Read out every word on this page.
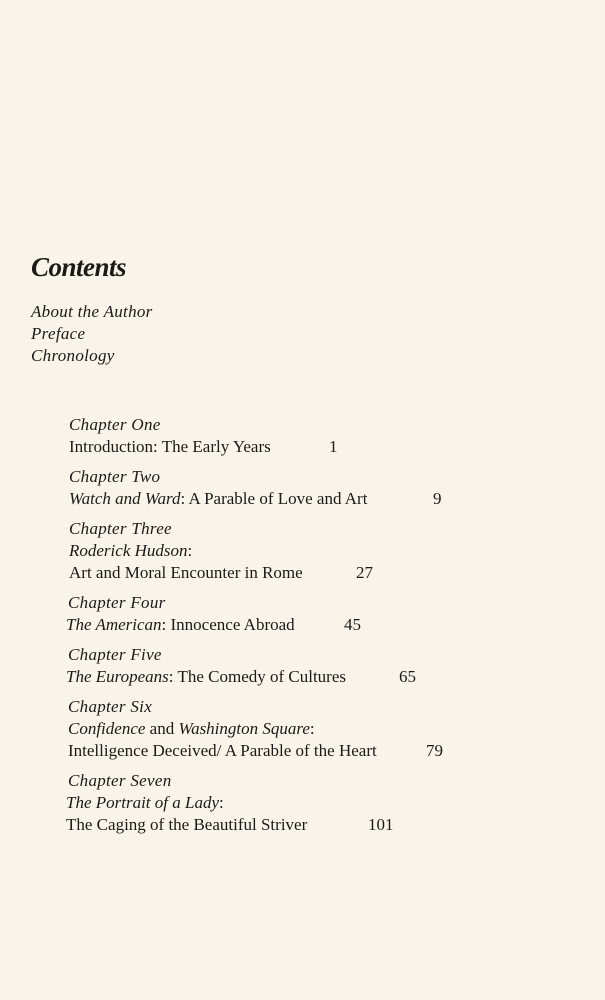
Contents
About the Author
Preface
Chronology
Chapter One
Introduction: The Early Years	1
Chapter Two
Watch and Ward: A Parable of Love and Art	9
Chapter Three
Roderick Hudson:
Art and Moral Encounter in Rome	27
Chapter Four
The American: Innocence Abroad	45
Chapter Five
The Europeans: The Comedy of Cultures	65
Chapter Six
Confidence and Washington Square:
Intelligence Deceived/ A Parable of the Heart	79
Chapter Seven
The Portrait of a Lady:
The Caging of the Beautiful Striver	101
